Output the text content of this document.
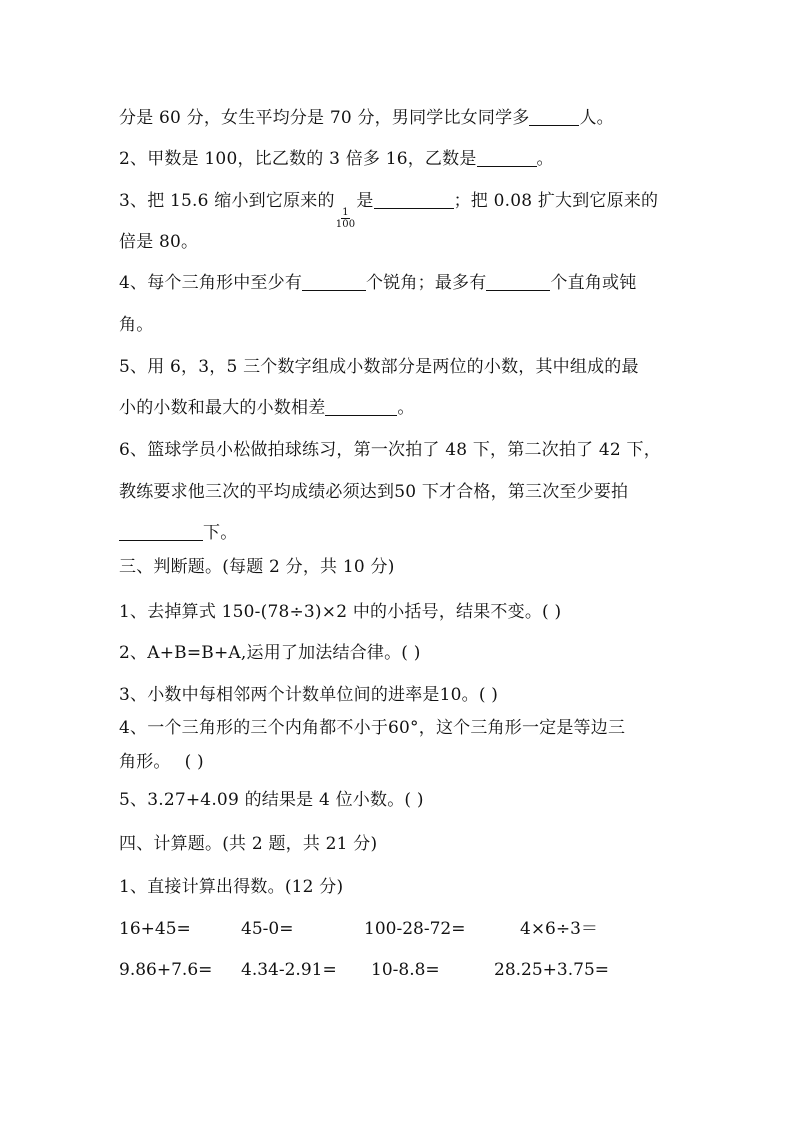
分是 60 分，女生平均分是 70 分，男同学比女同学多	人。
2、甲数是 100，比乙数的 3 倍多 16，乙数是	。
3、把 15.6 缩小到它原来的
$\frac{1}{100}$
是	；把 0.08 扩大到它原来的
倍是 80。
4、每个三角形中至少有	个锐角；最多有	个直角或钝
角。
5、用 6，3，5 三个数字组成小数部分是两位的小数，其中组成的最
小的小数和最大的小数相差	。
6、篮球学员小松做拍球练习，第一次拍了 48 下，第二次拍了 42 下，
教练要求他三次的平均成绩必须达到50 下才合格，第三次至少要拍
下。
三、判断题。(每题 2 分，共 10 分)
1、去掉算式 150-(78÷3)×2 中的小括号，结果不变。( )
2、A+B=B+A,运用了加法结合律。( )
3、小数中每相邻两个计数单位间的进率是10。( )
4、一个三角形的三个内角都不小于60°，这个三角形一定是等边三
角形。 ( )
5、3.27+4.09 的结果是 4 位小数。( )
四、计算题。(共 2 题，共 21 分)
1、直接计算出得数。(12 分)
16+45=	45-0=	100-28-72=	4×6÷3＝
9.86+7.6= 4.34-2.91= 10-8.8=	28.25+3.75=
